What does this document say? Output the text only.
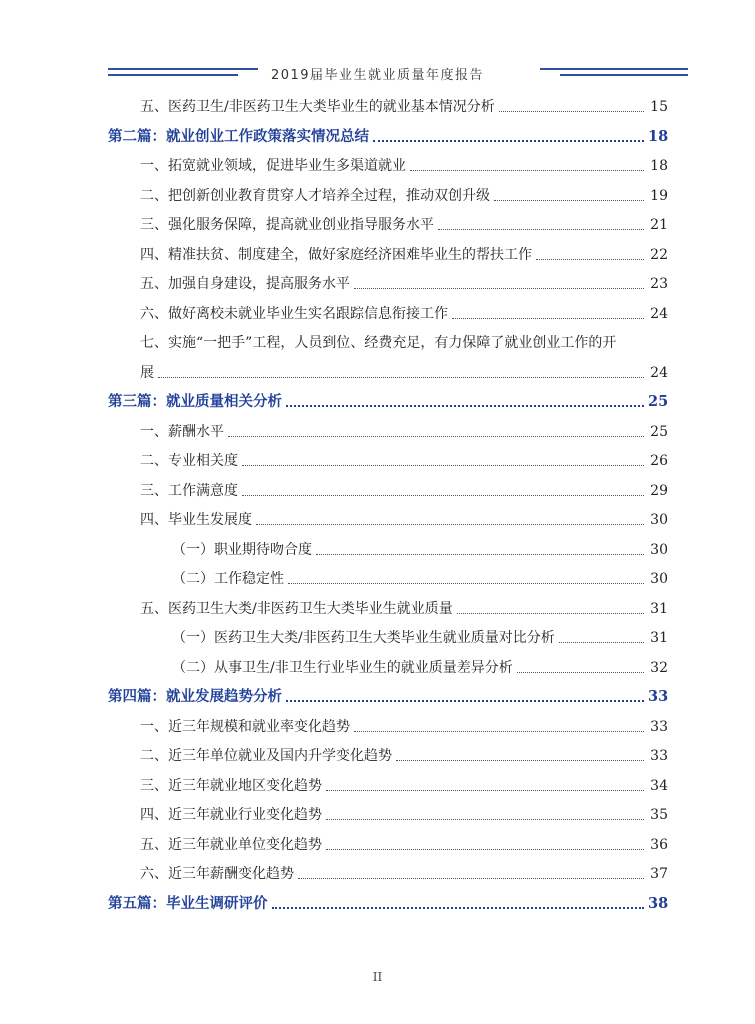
2019届毕业生就业质量年度报告
五、医药卫生/非医药卫生大类毕业生的就业基本情况分析	15
第二篇：就业创业工作政策落实情况总结	18
一、拓宽就业领域，促进毕业生多渠道就业	18
二、把创新创业教育贯穿人才培养全过程，推动双创升级	19
三、强化服务保障，提高就业创业指导服务水平	21
四、精准扶贫、制度建全，做好家庭经济困难毕业生的帮扶工作	22
五、加强自身建设，提高服务水平	23
六、做好离校未就业毕业生实名跟踪信息衔接工作	24
七、实施“一把手”工程，人员到位、经费充足，有力保障了就业创业工作的开
展	24
第三篇：就业质量相关分析	25
一、薪酬水平	25
二、专业相关度	26
三、工作满意度	29
四、毕业生发展度	30
（一）职业期待吻合度	30
（二）工作稳定性	30
五、医药卫生大类/非医药卫生大类毕业生就业质量	31
（一）医药卫生大类/非医药卫生大类毕业生就业质量对比分析	31
（二）从事卫生/非卫生行业毕业生的就业质量差异分析	32
第四篇：就业发展趋势分析	33
一、近三年规模和就业率变化趋势	33
二、近三年单位就业及国内升学变化趋势	33
三、近三年就业地区变化趋势	34
四、近三年就业行业变化趋势	35
五、近三年就业单位变化趋势	36
六、近三年薪酬变化趋势	37
第五篇：毕业生调研评价	38
II
